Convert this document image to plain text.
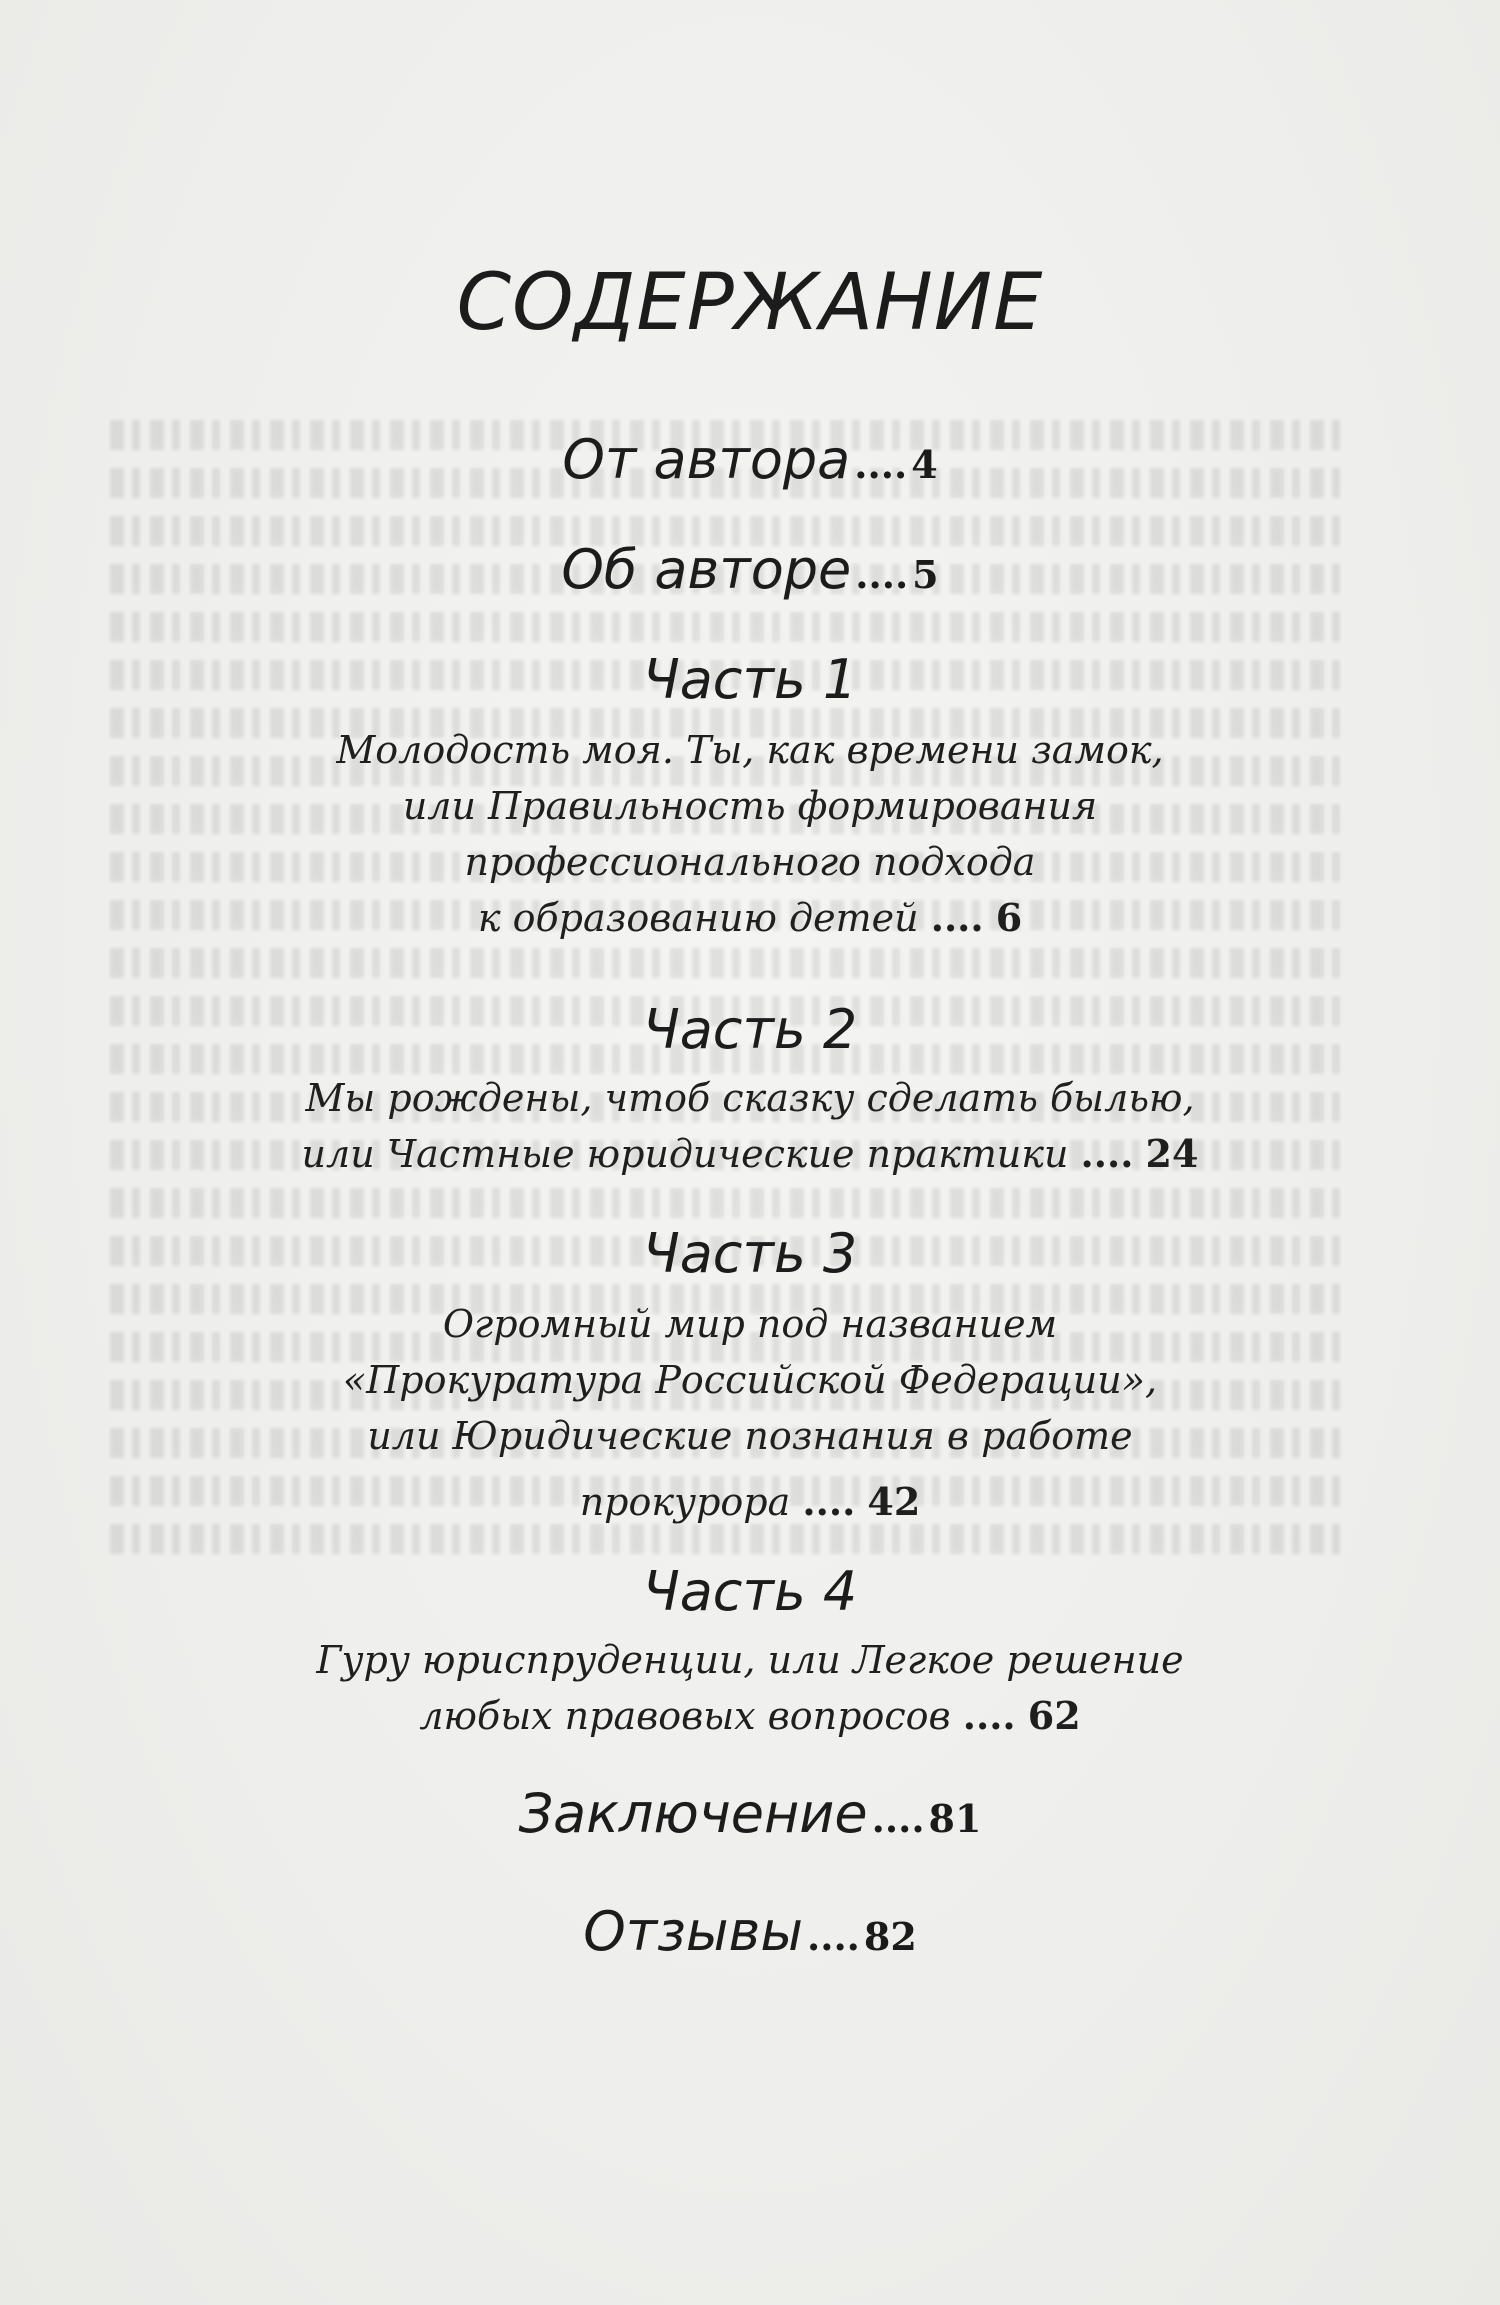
СОДЕРЖАНИЕ
От автора .... 4
Об авторе .... 5
Часть 1
Молодость моя. Ты, как времени замок,
или Правильность формирования
профессионального подхода
к образованию детей .... 6
Часть 2
Мы рождены, чтоб сказку сделать былью,
или Частные юридические практики .... 24
Часть 3
Огромный мир под названием
«Прокуратура Российской Федерации»,
или Юридические познания в работе
прокурора .... 42
Часть 4
Гуру юриспруденции, или Легкое решение
любых правовых вопросов .... 62
Заключение .... 81
Отзывы .... 82
